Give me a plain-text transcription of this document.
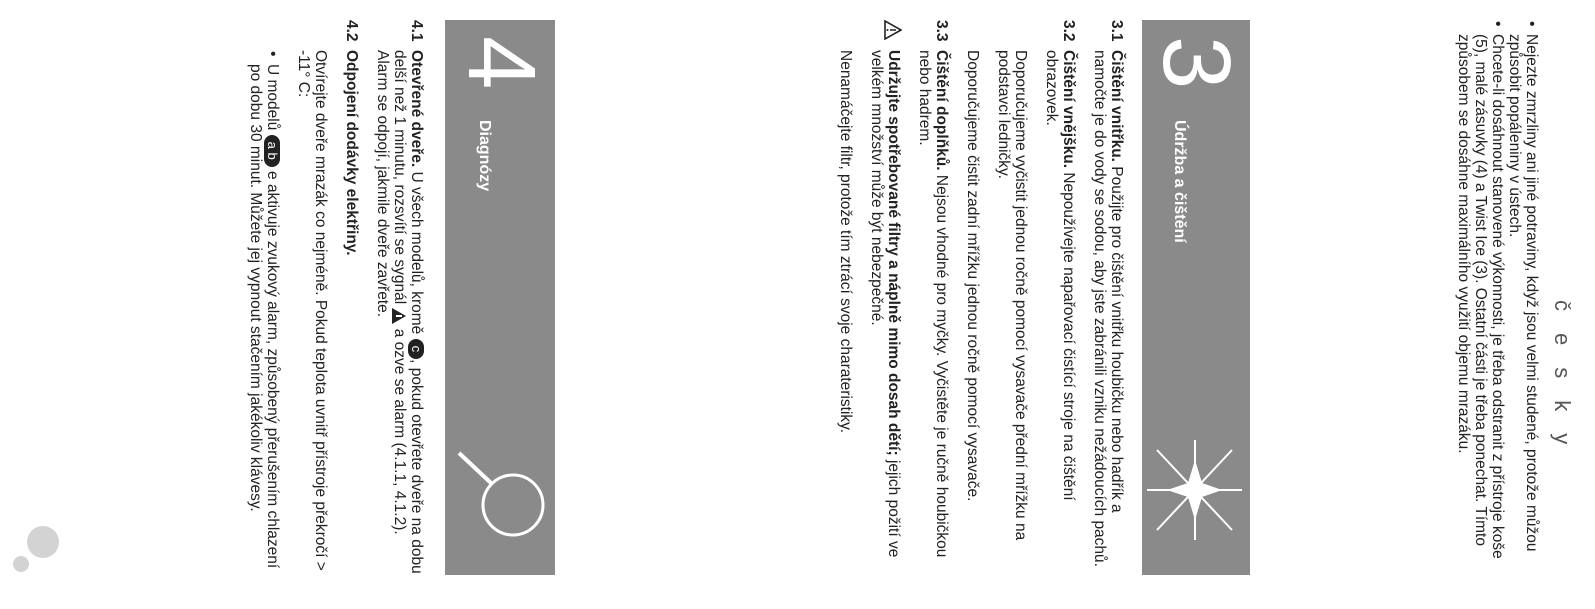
česky
• Nejezte zmrzliny ani jiné potraviny, když jsou velmi studené, protože můžou způsobit popáleniny v ústech.
• Chcete-li dosáhnout stanovené výkonnosti, je třeba odstranit z přístroje koše (5), malé zásuvky (4) a Twist Ice (3). Ostatní části je třeba ponechat. Tímto způsobem se dosáhne maximálního využití objemu mrazáku.
3
Údržba a čištění
3.1
Čištění vnitřku. Použijte pro čištění vnitřku houbičku nebo hadřík a namočte je do vody se sodou, aby jste zabránili vzniku nežádoucích pachů.
3.2
Čištění vnějšku. Nepoužívejte napařovací čistící stroje na čištění obrazovek.

Doporučujeme vyčistit jednou ročně pomocí vysavače přední mřížku na podstavci ledničky.

Doporučujeme čistit zadní mřížku jednou ročně pomocí vysavače.

3.3
Čištění doplňků. Nejsou vhodné pro myčky. Vyčistěte je ručně houbičkou nebo hadrem.
Udržujte spotřebované filtry a náplně mimo dosah dětí; jejich požití ve velkém množství může být nebezpečné.

Nenamáčejte filtr, protože tím ztrácí svoje charateristiky.

4
Diagnózy
4.1
Otevřené dveře. U všech modelů, kromě c, pokud otevřete dveře na dobu delší než 1 minutu, rozsvítí se sygnál  a ozve se alarm (4.1.1, 4.1.2). Alarm se odpojí, jakmile dveře zavřete.
4.2
Odpojení dodávky elektřiny.

Otvírejte dveře mrazák co nejméně. Pokud teplota uvnitř přístroje překročí > -11° C:

• U modelů a b e aktivuje zvukový alarm, způsobený přerušením chlazení po dobu 30 minut. Můžete jej vypnout stačením jakékoliv klávesy.
